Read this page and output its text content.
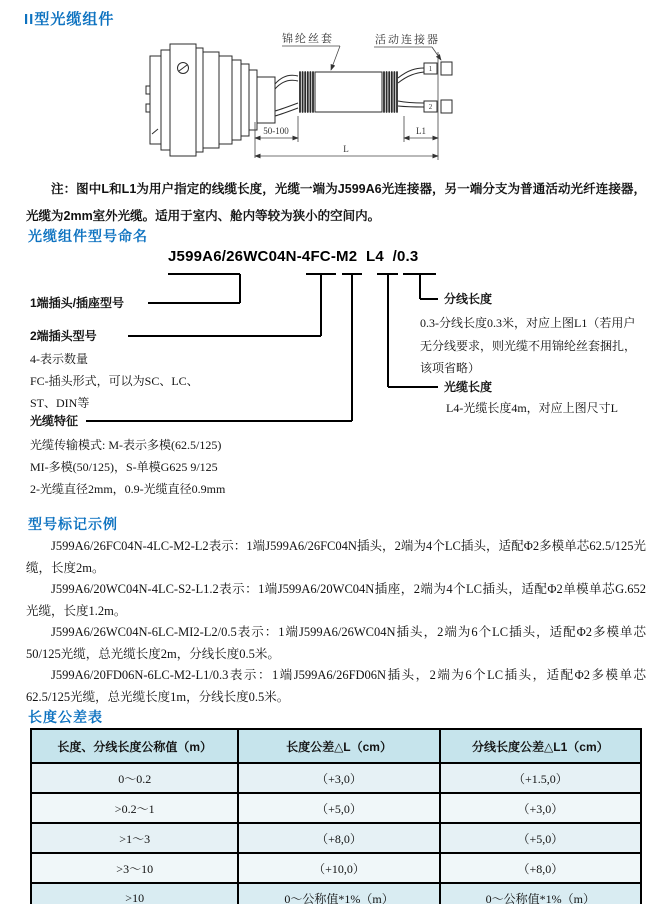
II型光缆组件
1
2
锦纶丝套	活动连接器
50-100	L1
L
注：图中L和L1为用户指定的线缆长度，光缆一端为J599A6光连接器，另一端分支为普通活动光纤连接器，光缆为2mm室外光缆。适用于室内、舱内等较为狭小的空间内。
光缆组件型号命名
J599A6/26WC04N-4FC-M2  L4  /0.3
1端插头/插座型号
2端插头型号
4-表示数量
FC-插头形式，可以为SC、LC、
ST、DIN等
光缆特征
光缆传输模式: M-表示多模(62.5/125)
MI-多模(50/125)，S-单模G625 9/125
2-光缆直径2mm，0.9-光缆直径0.9mm
分线长度
0.3-分线长度0.3米，对应上图L1（若用户无分线要求，则光缆不用锦纶丝套捆扎，该项省略）
光缆长度
L4-光缆长度4m，对应上图尺寸L
型号标记示例

J599A6/26FC04N-4LC-M2-L2表示：1端J599A6/26FC04N插头，2端为4个LC插头，适配Φ2多模单芯62.5/125光缆，长度2m。

J599A6/20WC04N-4LC-S2-L1.2表示：1端J599A6/20WC04N插座，2端为4个LC插头，适配Φ2单模单芯G.652光缆，长度1.2m。

J599A6/26WC04N-6LC-MI2-L2/0.5表示：1端J599A6/26WC04N插头，2端为6个LC插头，适配Φ2多模单芯50/125光缆，总光缆长度2m，分线长度0.5米。

J599A6/20FD06N-6LC-M2-L1/0.3表示：1端J599A6/26FD06N插头，2端为6个LC插头，适配Φ2多模单芯62.5/125光缆，总光缆长度1m，分线长度0.5米。

长度公差表
长度、分线长度公称值（m）	长度公差△L（cm）	分线长度公差△L1（cm）
0～0.2	（+3,0）	（+1.5,0）
>0.2～1	（+5,0）	（+3,0）
>1～3	（+8,0）	（+5,0）
>3～10	（+10,0）	（+8,0）
>10	0～公称值*1%（m）	0～公称值*1%（m）
